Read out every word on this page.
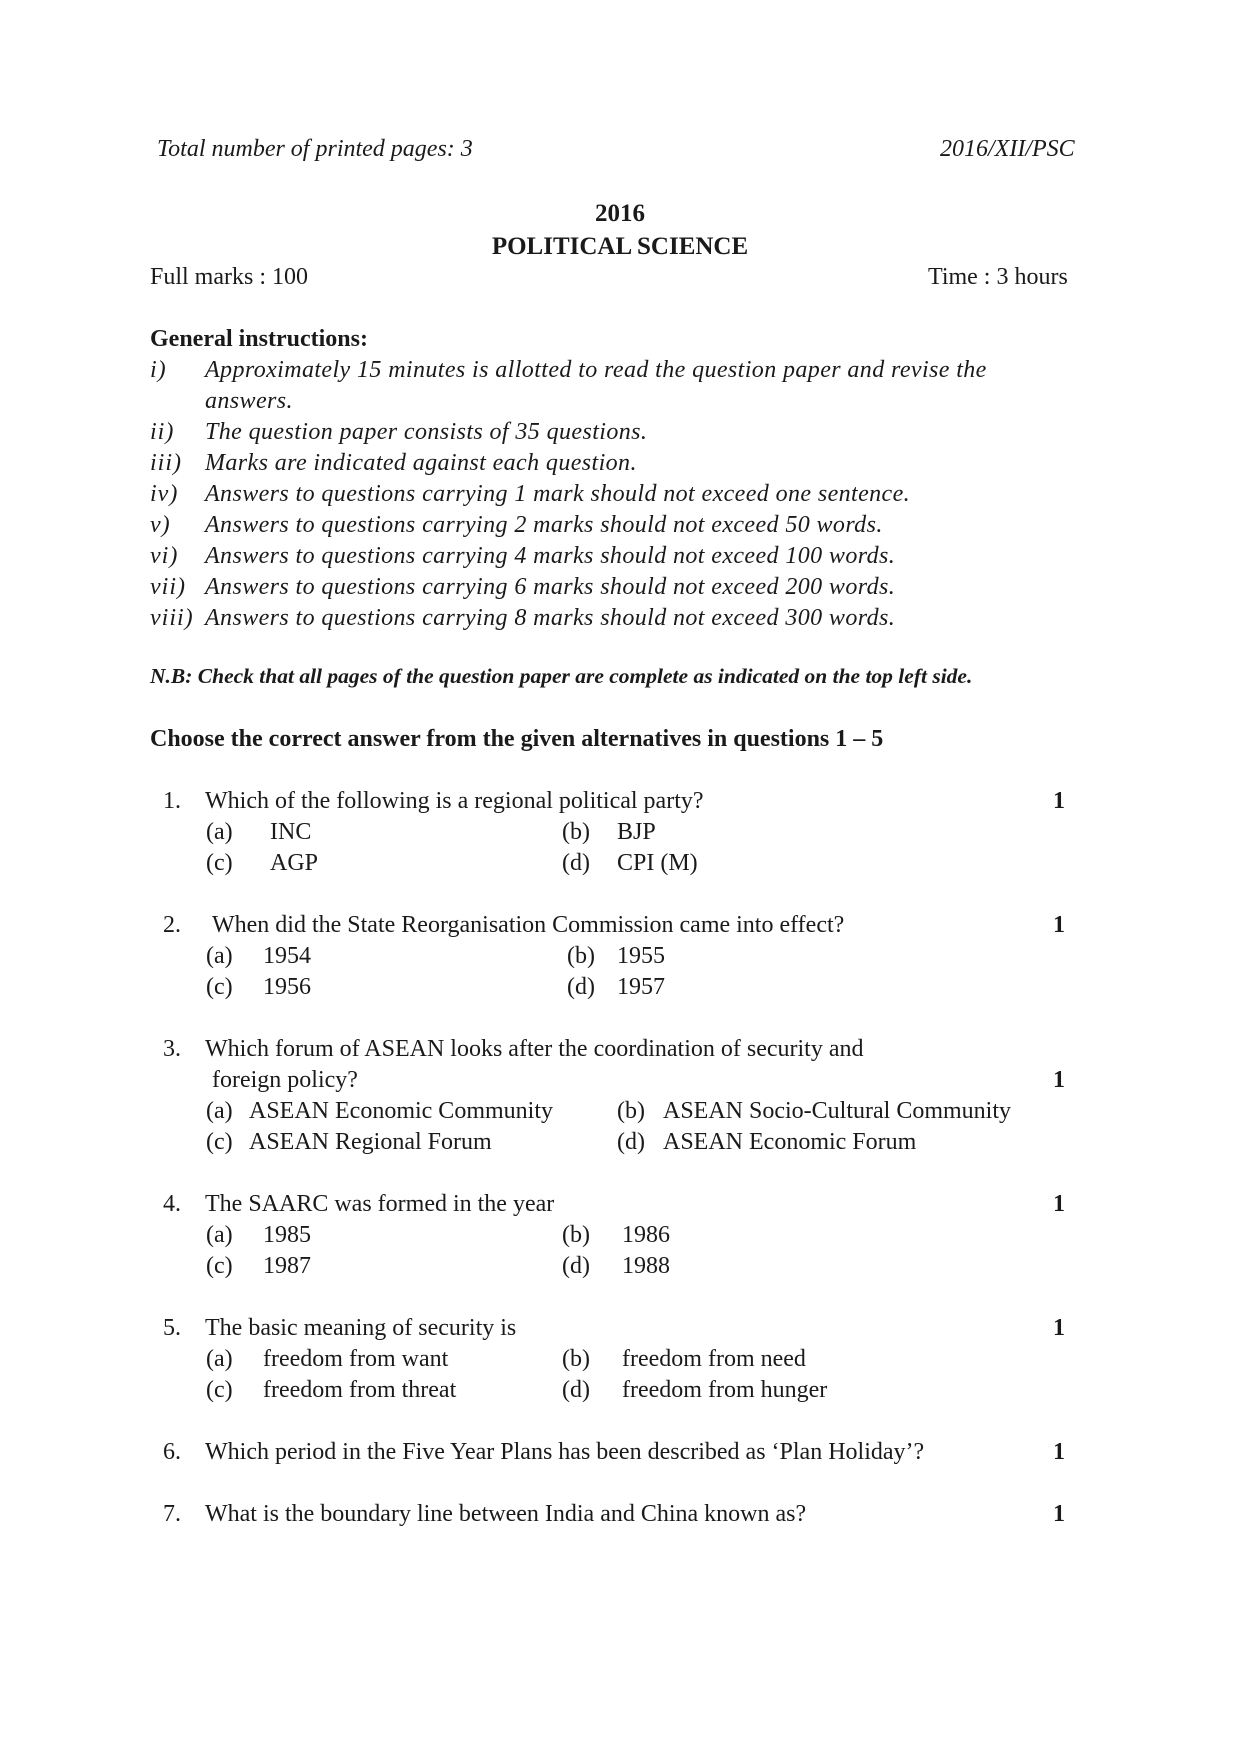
Total number of printed pages: 3	2016/XII/PSC
2016
POLITICAL SCIENCE
Full marks : 100	Time : 3 hours
General instructions:
i) Approximately 15 minutes is allotted to read the question paper and revise the
answers.
ii) The question paper consists of 35 questions.
iii) Marks are indicated against each question.
iv) Answers to questions carrying 1 mark should not exceed one sentence.
v) Answers to questions carrying 2 marks should not exceed 50 words.
vi) Answers to questions carrying 4 marks should not exceed 100 words.
vii) Answers to questions carrying 6 marks should not exceed 200 words.
viii) Answers to questions carrying 8 marks should not exceed 300 words.
N.B: Check that all pages of the question paper are complete as indicated on the top left side.
Choose the correct answer from the given alternatives in questions 1 – 5
1. Which of the following is a regional political party?	1
(a) INC	(b) BJP
(c) AGP	(d) CPI (M)
2. When did the State Reorganisation Commission came into effect?	1
(a) 1954	(b) 1955
(c) 1956	(d) 1957
3. Which forum of ASEAN looks after the coordination of security and
foreign policy?	1
(a) ASEAN Economic Community	(b) ASEAN Socio-Cultural Community
(c) ASEAN Regional Forum	(d) ASEAN Economic Forum
4. The SAARC was formed in the year	1
(a) 1985	(b) 1986
(c) 1987	(d) 1988
5. The basic meaning of security is	1
(a) freedom from want	(b) freedom from need
(c) freedom from threat	(d) freedom from hunger
6. Which period in the Five Year Plans has been described as ‘Plan Holiday’?	1
7. What is the boundary line between India and China known as?	1
